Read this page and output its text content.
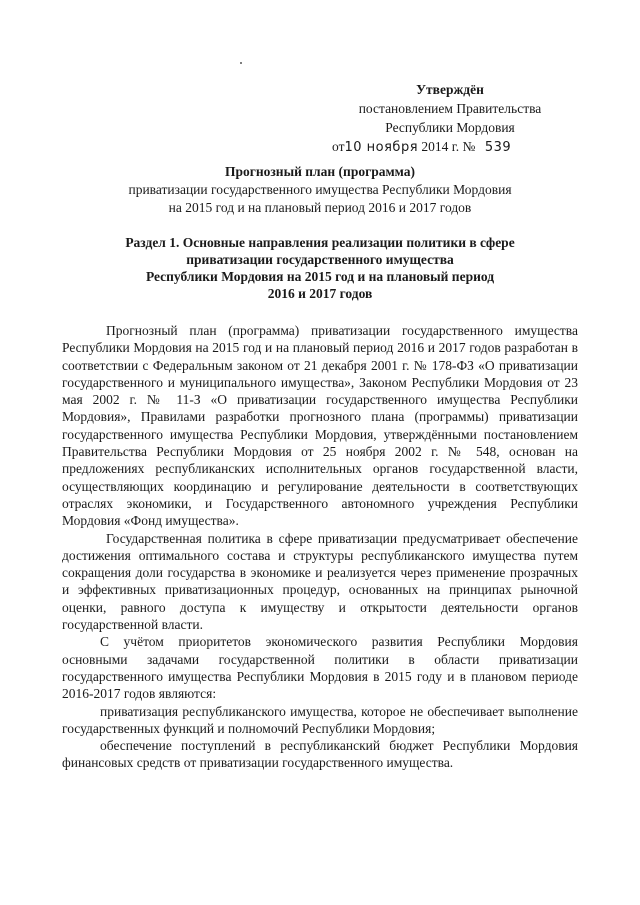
Утверждён
постановлением Правительства
Республики Мордовия
от10 ноября 2014 г. № 539
Прогнозный план (программа)
приватизации государственного имущества Республики Мордовия
на 2015 год и на плановый период 2016 и 2017 годов
Раздел 1. Основные направления реализации политики в сфере
приватизации государственного имущества
Республики Мордовия на 2015 год и на плановый период
2016 и 2017 годов

Прогнозный план (программа) приватизации государственного имущества Республики Мордовия на 2015 год и на плановый период 2016 и 2017 годов разработан в соответствии с Федеральным законом от 21 декабря 2001 г. № 178-ФЗ «О приватизации государственного и муниципального имущества», Законом Республики Мордовия от 23 мая 2002 г. № 11-З «О приватизации государственного имущества Республики Мордовия», Правилами разработки прогнозного плана (программы) приватизации государственного имущества Республики Мордовия, утверждёнными постановлением Правительства Республики Мордовия от 25 ноября 2002 г. № 548, основан на предложениях республиканских исполнительных органов государственной власти, осуществляющих координацию и регулирование деятельности в соответствующих отраслях экономики, и Государственного автономного учреждения Республики Мордовия «Фонд имущества».

Государственная политика в сфере приватизации предусматривает обеспечение достижения оптимального состава и структуры республиканского имущества путем сокращения доли государства в экономике и реализуется через применение прозрачных и эффективных приватизационных процедур, основанных на принципах рыночной оценки, равного доступа к имуществу и открытости деятельности органов государственной власти.

С учётом приоритетов экономического развития Республики Мордовия основными задачами государственной политики в области приватизации государственного имущества Республики Мордовия в 2015 году и в плановом периоде 2016-2017 годов являются:

приватизация республиканского имущества, которое не обеспечивает выполнение государственных функций и полномочий Республики Мордовия;

обеспечение поступлений в республиканский бюджет Республики Мордовия финансовых средств от приватизации государственного имущества.
